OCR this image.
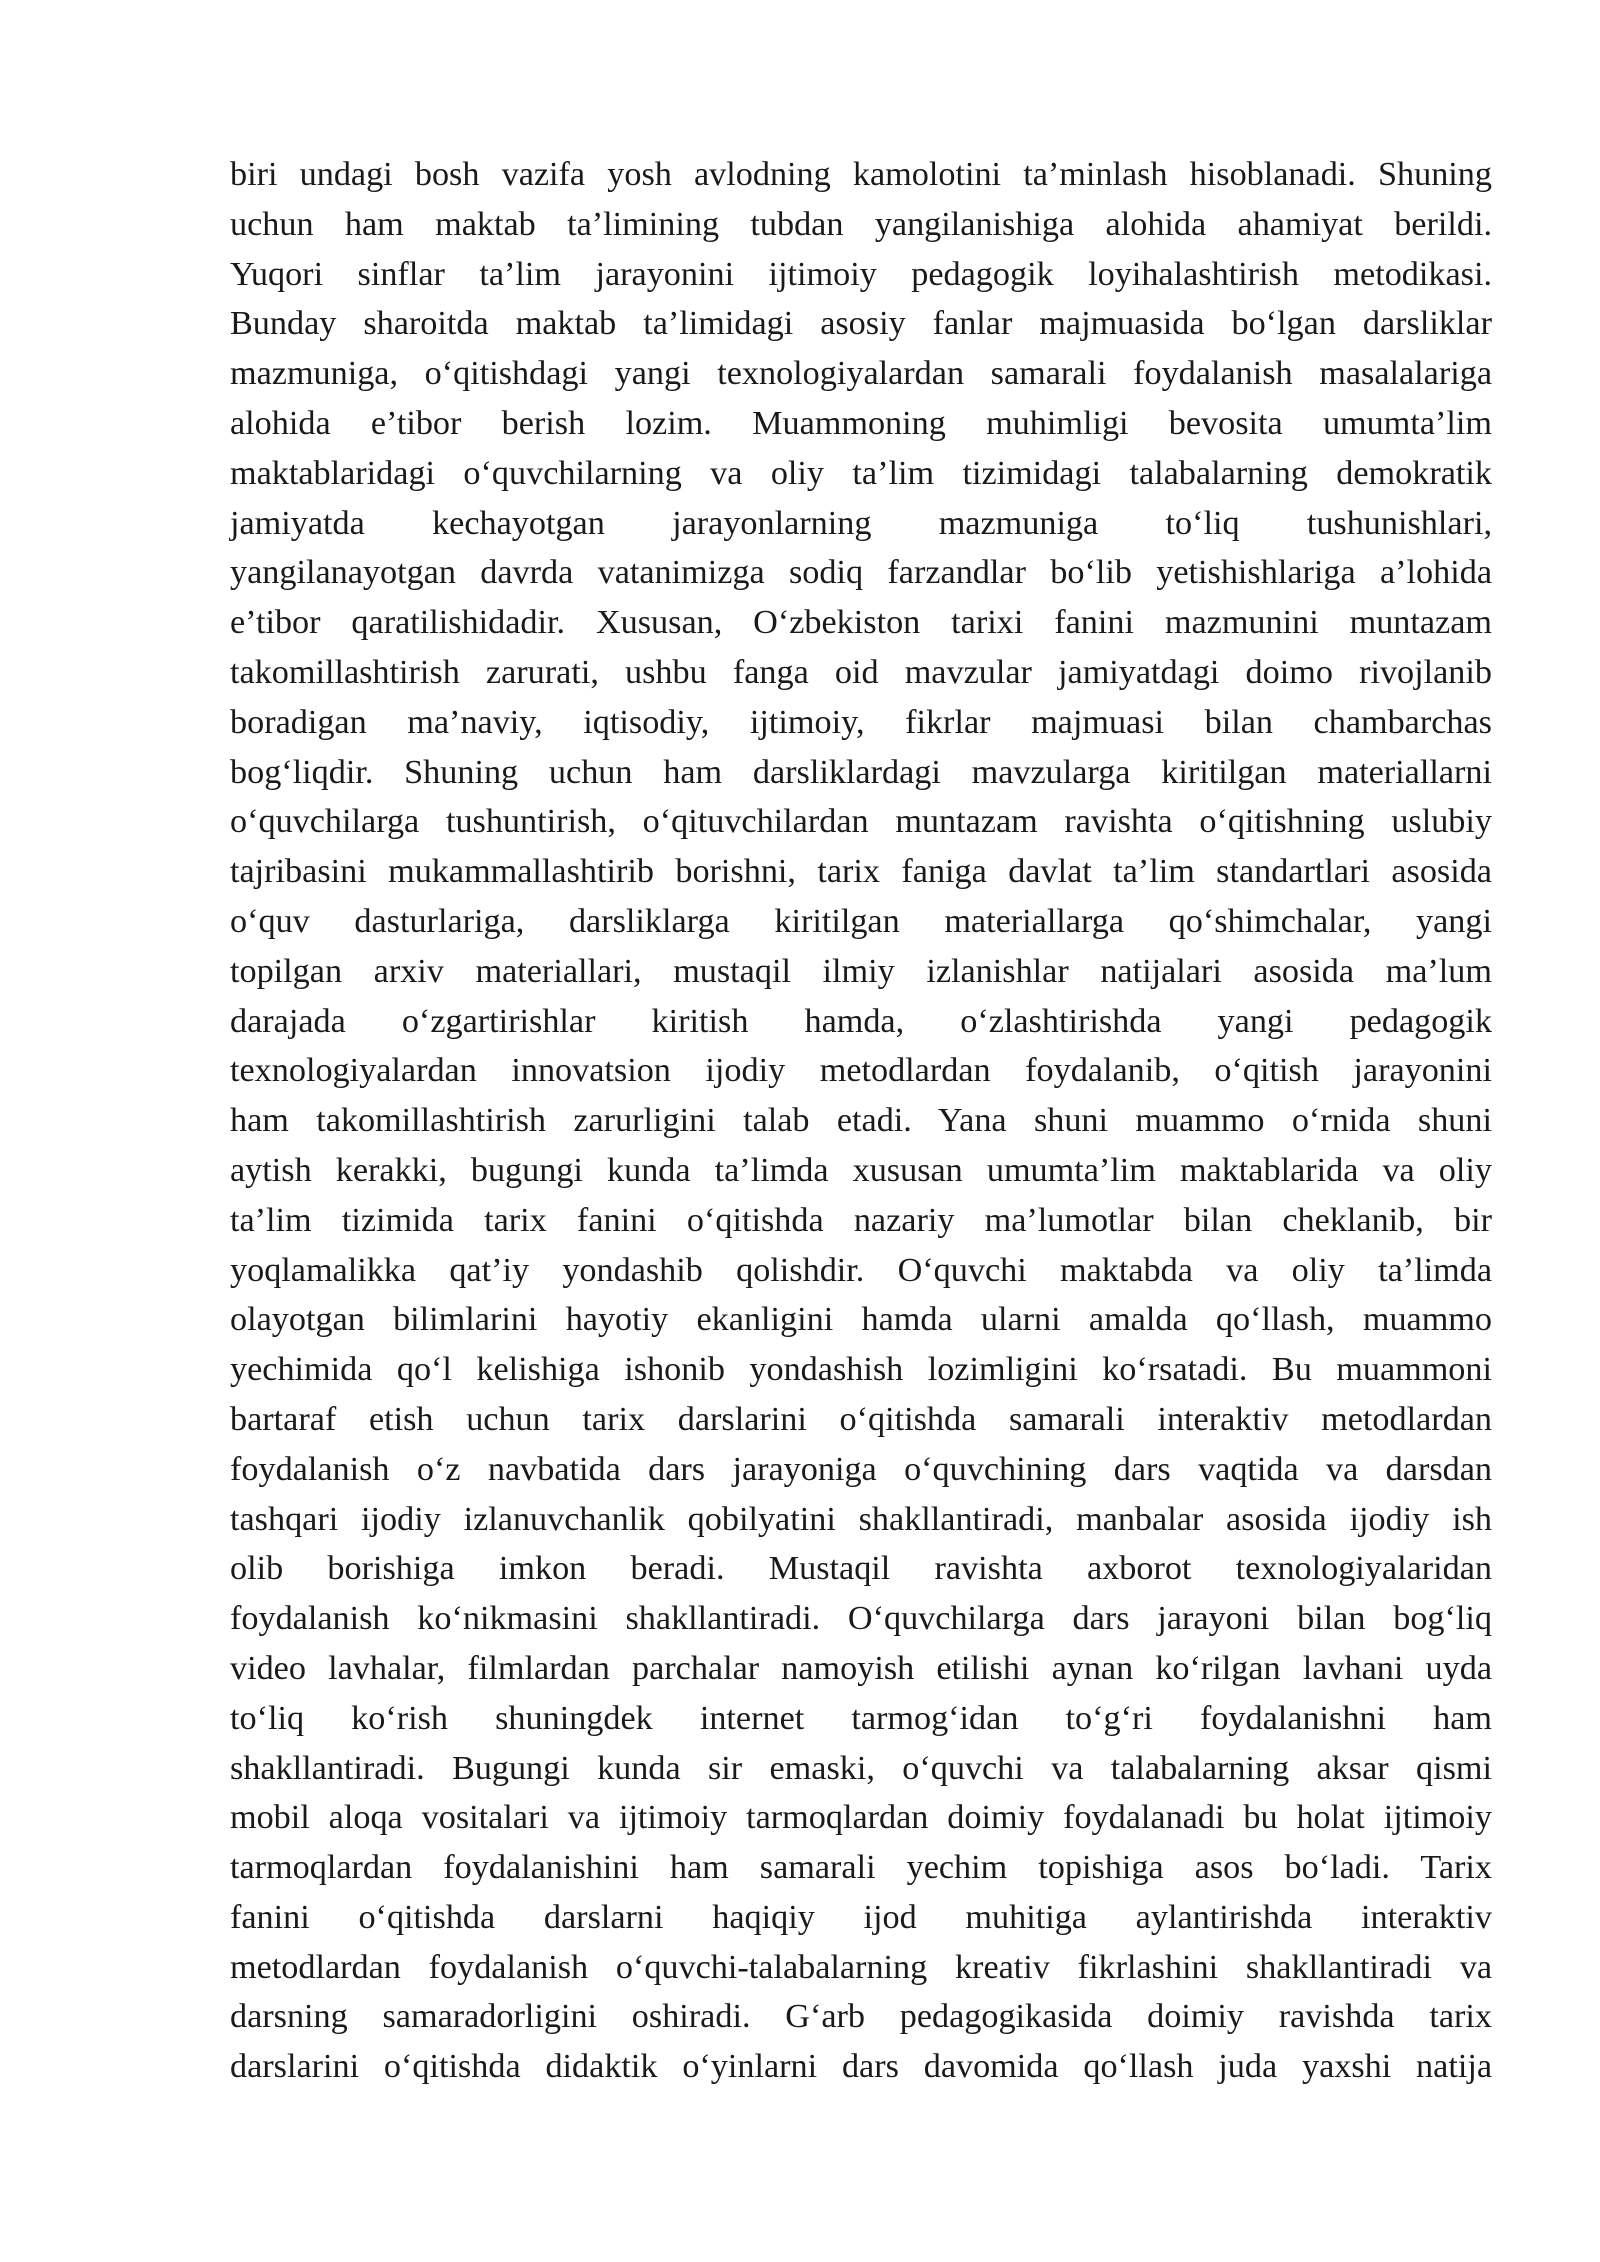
biri undagi bosh vazifa yosh avlodning kamolotini ta’minlash hisoblanadi. Shuning
uchun ham maktab ta’limining tubdan yangilanishiga alohida ahamiyat berildi.
Yuqori sinflar ta’lim jarayonini ijtimoiy pedagogik loyihalashtirish metodikasi.
Bunday sharoitda maktab ta’limidagi asosiy fanlar majmuasida bo‘lgan darsliklar
mazmuniga, o‘qitishdagi yangi texnologiyalardan samarali foydalanish masalalariga
alohida e’tibor berish lozim. Muammoning muhimligi bevosita umumta’lim
maktablaridagi o‘quvchilarning va oliy ta’lim tizimidagi talabalarning demokratik
jamiyatda kechayotgan jarayonlarning mazmuniga to‘liq tushunishlari,
yangilanayotgan davrda vatanimizga sodiq farzandlar bo‘lib yetishishlariga a’lohida
e’tibor qaratilishidadir. Xususan, O‘zbekiston tarixi fanini mazmunini muntazam
takomillashtirish zarurati, ushbu fanga oid mavzular jamiyatdagi doimo rivojlanib
boradigan ma’naviy, iqtisodiy, ijtimoiy, fikrlar majmuasi bilan chambarchas
bog‘liqdir. Shuning uchun ham darsliklardagi mavzularga kiritilgan materiallarni
o‘quvchilarga tushuntirish, o‘qituvchilardan muntazam ravishta o‘qitishning uslubiy
tajribasini mukammallashtirib borishni, tarix faniga davlat ta’lim standartlari asosida
o‘quv dasturlariga, darsliklarga kiritilgan materiallarga qo‘shimchalar, yangi
topilgan arxiv materiallari, mustaqil ilmiy izlanishlar natijalari asosida ma’lum
darajada o‘zgartirishlar kiritish hamda, o‘zlashtirishda yangi pedagogik
texnologiyalardan innovatsion ijodiy metodlardan foydalanib, o‘qitish jarayonini
ham takomillashtirish zarurligini talab etadi. Yana shuni muammo o‘rnida shuni
aytish kerakki, bugungi kunda ta’limda xususan umumta’lim maktablarida va oliy
ta’lim tizimida tarix fanini o‘qitishda nazariy ma’lumotlar bilan cheklanib, bir
yoqlamalikka qat’iy yondashib qolishdir. O‘quvchi maktabda va oliy ta’limda
olayotgan bilimlarini hayotiy ekanligini hamda ularni amalda qo‘llash, muammo
yechimida qo‘l kelishiga ishonib yondashish lozimligini ko‘rsatadi. Bu muammoni
bartaraf etish uchun tarix darslarini o‘qitishda samarali interaktiv metodlardan
foydalanish o‘z navbatida dars jarayoniga o‘quvchining dars vaqtida va darsdan
tashqari ijodiy izlanuvchanlik qobilyatini shakllantiradi, manbalar asosida ijodiy ish
olib borishiga imkon beradi. Mustaqil ravishta axborot texnologiyalaridan
foydalanish ko‘nikmasini shakllantiradi. O‘quvchilarga dars jarayoni bilan bog‘liq
video lavhalar, filmlardan parchalar namoyish etilishi aynan ko‘rilgan lavhani uyda
to‘liq ko‘rish shuningdek internet tarmog‘idan to‘g‘ri foydalanishni ham
shakllantiradi. Bugungi kunda sir emaski, o‘quvchi va talabalarning aksar qismi
mobil aloqa vositalari va ijtimoiy tarmoqlardan doimiy foydalanadi bu holat ijtimoiy
tarmoqlardan foydalanishini ham samarali yechim topishiga asos bo‘ladi. Tarix
fanini o‘qitishda darslarni haqiqiy ijod muhitiga aylantirishda interaktiv
metodlardan foydalanish o‘quvchi-talabalarning kreativ fikrlashini shakllantiradi va
darsning samaradorligini oshiradi. G‘arb pedagogikasida doimiy ravishda tarix
darslarini o‘qitishda didaktik o‘yinlarni dars davomida qo‘llash juda yaxshi natija
